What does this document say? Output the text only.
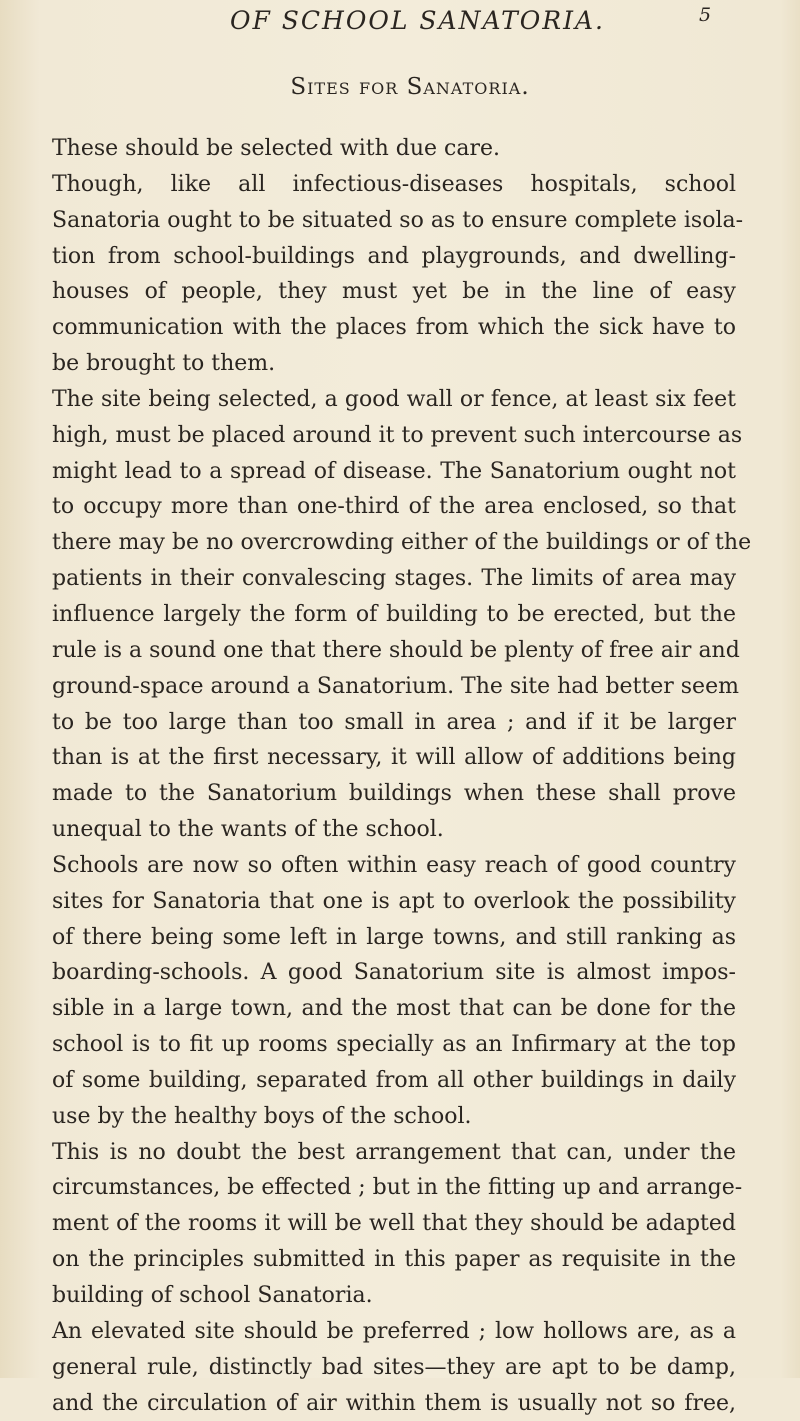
OF SCHOOL SANATORIA.	5
Sites for Sanatoria.
These should be selected with due care.
Though, like all infectious-diseases hospitals, school
Sanatoria ought to be situated so as to ensure complete isola-
tion from school-buildings and playgrounds, and dwelling-
houses of people, they must yet be in the line of easy
communication with the places from which the sick have to
be brought to them.
The site being selected, a good wall or fence, at least six feet
high, must be placed around it to prevent such intercourse as
might lead to a spread of disease. The Sanatorium ought not
to occupy more than one-third of the area enclosed, so that
there may be no overcrowding either of the buildings or of the
patients in their convalescing stages. The limits of area may
influence largely the form of building to be erected, but the
rule is a sound one that there should be plenty of free air and
ground-space around a Sanatorium. The site had better seem
to be too large than too small in area ; and if it be larger
than is at the first necessary, it will allow of additions being
made to the Sanatorium buildings when these shall prove
unequal to the wants of the school.
Schools are now so often within easy reach of good country
sites for Sanatoria that one is apt to overlook the possibility
of there being some left in large towns, and still ranking as
boarding-schools. A good Sanatorium site is almost impos-
sible in a large town, and the most that can be done for the
school is to fit up rooms specially as an Infirmary at the top
of some building, separated from all other buildings in daily
use by the healthy boys of the school.
This is no doubt the best arrangement that can, under the
circumstances, be effected ; but in the fitting up and arrange-
ment of the rooms it will be well that they should be adapted
on the principles submitted in this paper as requisite in the
building of school Sanatoria.
An elevated site should be preferred ; low hollows are, as a
general rule, distinctly bad sites—they are apt to be damp,
and the circulation of air within them is usually not so free,
